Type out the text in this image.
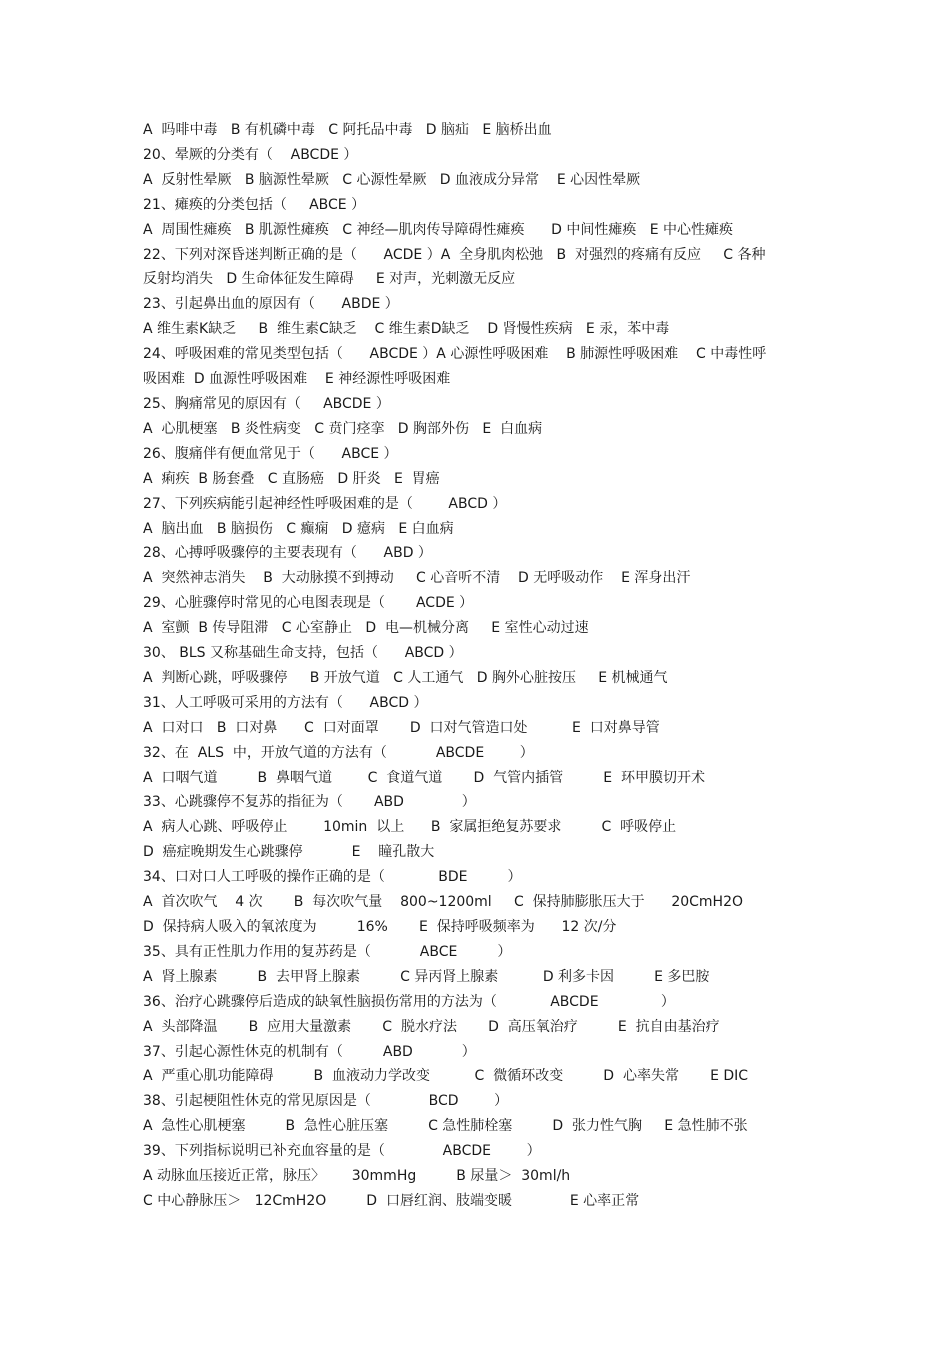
A  吗啡中毒   B 有机磷中毒   C 阿托品中毒   D 脑疝   E 脑桥出血

20、晕厥的分类有（    ABCDE ）

A  反射性晕厥   B 脑源性晕厥   C 心源性晕厥   D 血液成分异常    E 心因性晕厥

21、瘫痪的分类包括（     ABCE ）

A  周围性瘫痪   B 肌源性瘫痪   C 神经—肌肉传导障碍性瘫痪      D 中间性瘫痪   E 中心性瘫痪

22、下列对深昏迷判断正确的是（      ACDE ）A  全身肌肉松弛   B  对强烈的疼痛有反应     C 各种

反射均消失   D 生命体征发生障碍     E 对声，光刺激无反应

23、引起鼻出血的原因有（      ABDE ）

A 维生素K缺乏     B  维生素C缺乏    C 维生素D缺乏    D 肾慢性疾病   E 汞，苯中毒

24、呼吸困难的常见类型包括（      ABCDE ）A 心源性呼吸困难    B 肺源性呼吸困难    C 中毒性呼

吸困难  D 血源性呼吸困难    E 神经源性呼吸困难

25、胸痛常见的原因有（     ABCDE ）

A  心肌梗塞   B 炎性病变   C 贲门痉挛   D 胸部外伤   E  白血病

26、腹痛伴有便血常见于（      ABCE ）

A  痢疾  B 肠套叠   C 直肠癌   D 肝炎   E  胃癌

27、下列疾病能引起神经性呼吸困难的是（        ABCD ）

A  脑出血   B 脑损伤   C 癫痫   D 癔病   E 白血病

28、心搏呼吸骤停的主要表现有（      ABD ）

A  突然神志消失    B  大动脉摸不到搏动     C 心音听不清    D 无呼吸动作    E 浑身出汗

29、心脏骤停时常见的心电图表现是（       ACDE ）

A  室颤  B 传导阻滞   C 心室静止   D  电—机械分离     E 室性心动过速

30、 BLS 又称基础生命支持，包括（      ABCD ）

A  判断心跳，呼吸骤停     B 开放气道   C 人工通气   D 胸外心脏按压     E 机械通气

31、人工呼吸可采用的方法有（      ABCD ）

A  口对口   B  口对鼻      C  口对面罩       D  口对气管造口处          E  口对鼻导管

32、在  ALS  中，开放气道的方法有（           ABCDE        ）

A  口咽气道         B  鼻咽气道        C  食道气道       D  气管内插管         E  环甲膜切开术

33、心跳骤停不复苏的指征为（       ABD             ）

A  病人心跳、呼吸停止        10min  以上      B  家属拒绝复苏要求         C  呼吸停止

D  癌症晚期发生心跳骤停           E    瞳孔散大

34、口对口人工呼吸的操作正确的是（            BDE         ）

A  首次吹气    4 次       B  每次吹气量    800~1200ml     C  保持肺膨胀压大于      20CmH2O

D  保持病人吸入的氧浓度为         16%       E  保持呼吸频率为      12 次/分

35、具有正性肌力作用的复苏药是（           ABCE         ）

A  肾上腺素         B  去甲肾上腺素         C 异丙肾上腺素          D 利多卡因         E 多巴胺

36、治疗心跳骤停后造成的缺氧性脑损伤常用的方法为（            ABCDE              ）

A  头部降温       B  应用大量激素       C  脱水疗法       D  高压氧治疗         E  抗自由基治疗

37、引起心源性休克的机制有（         ABD           ）

A  严重心肌功能障碍         B  血液动力学改变          C  微循环改变         D  心率失常       E DIC

38、引起梗阻性休克的常见原因是（             BCD        ）

A  急性心肌梗塞         B  急性心脏压塞         C 急性肺栓塞         D  张力性气胸     E 急性肺不张

39、下列指标说明已补充血容量的是（             ABCDE        ）

A 动脉血压接近正常，脉压〉      30mmHg         B 尿量＞  30ml/h

C 中心静脉压＞   12CmH2O         D  口唇红润、肢端变暖             E 心率正常
